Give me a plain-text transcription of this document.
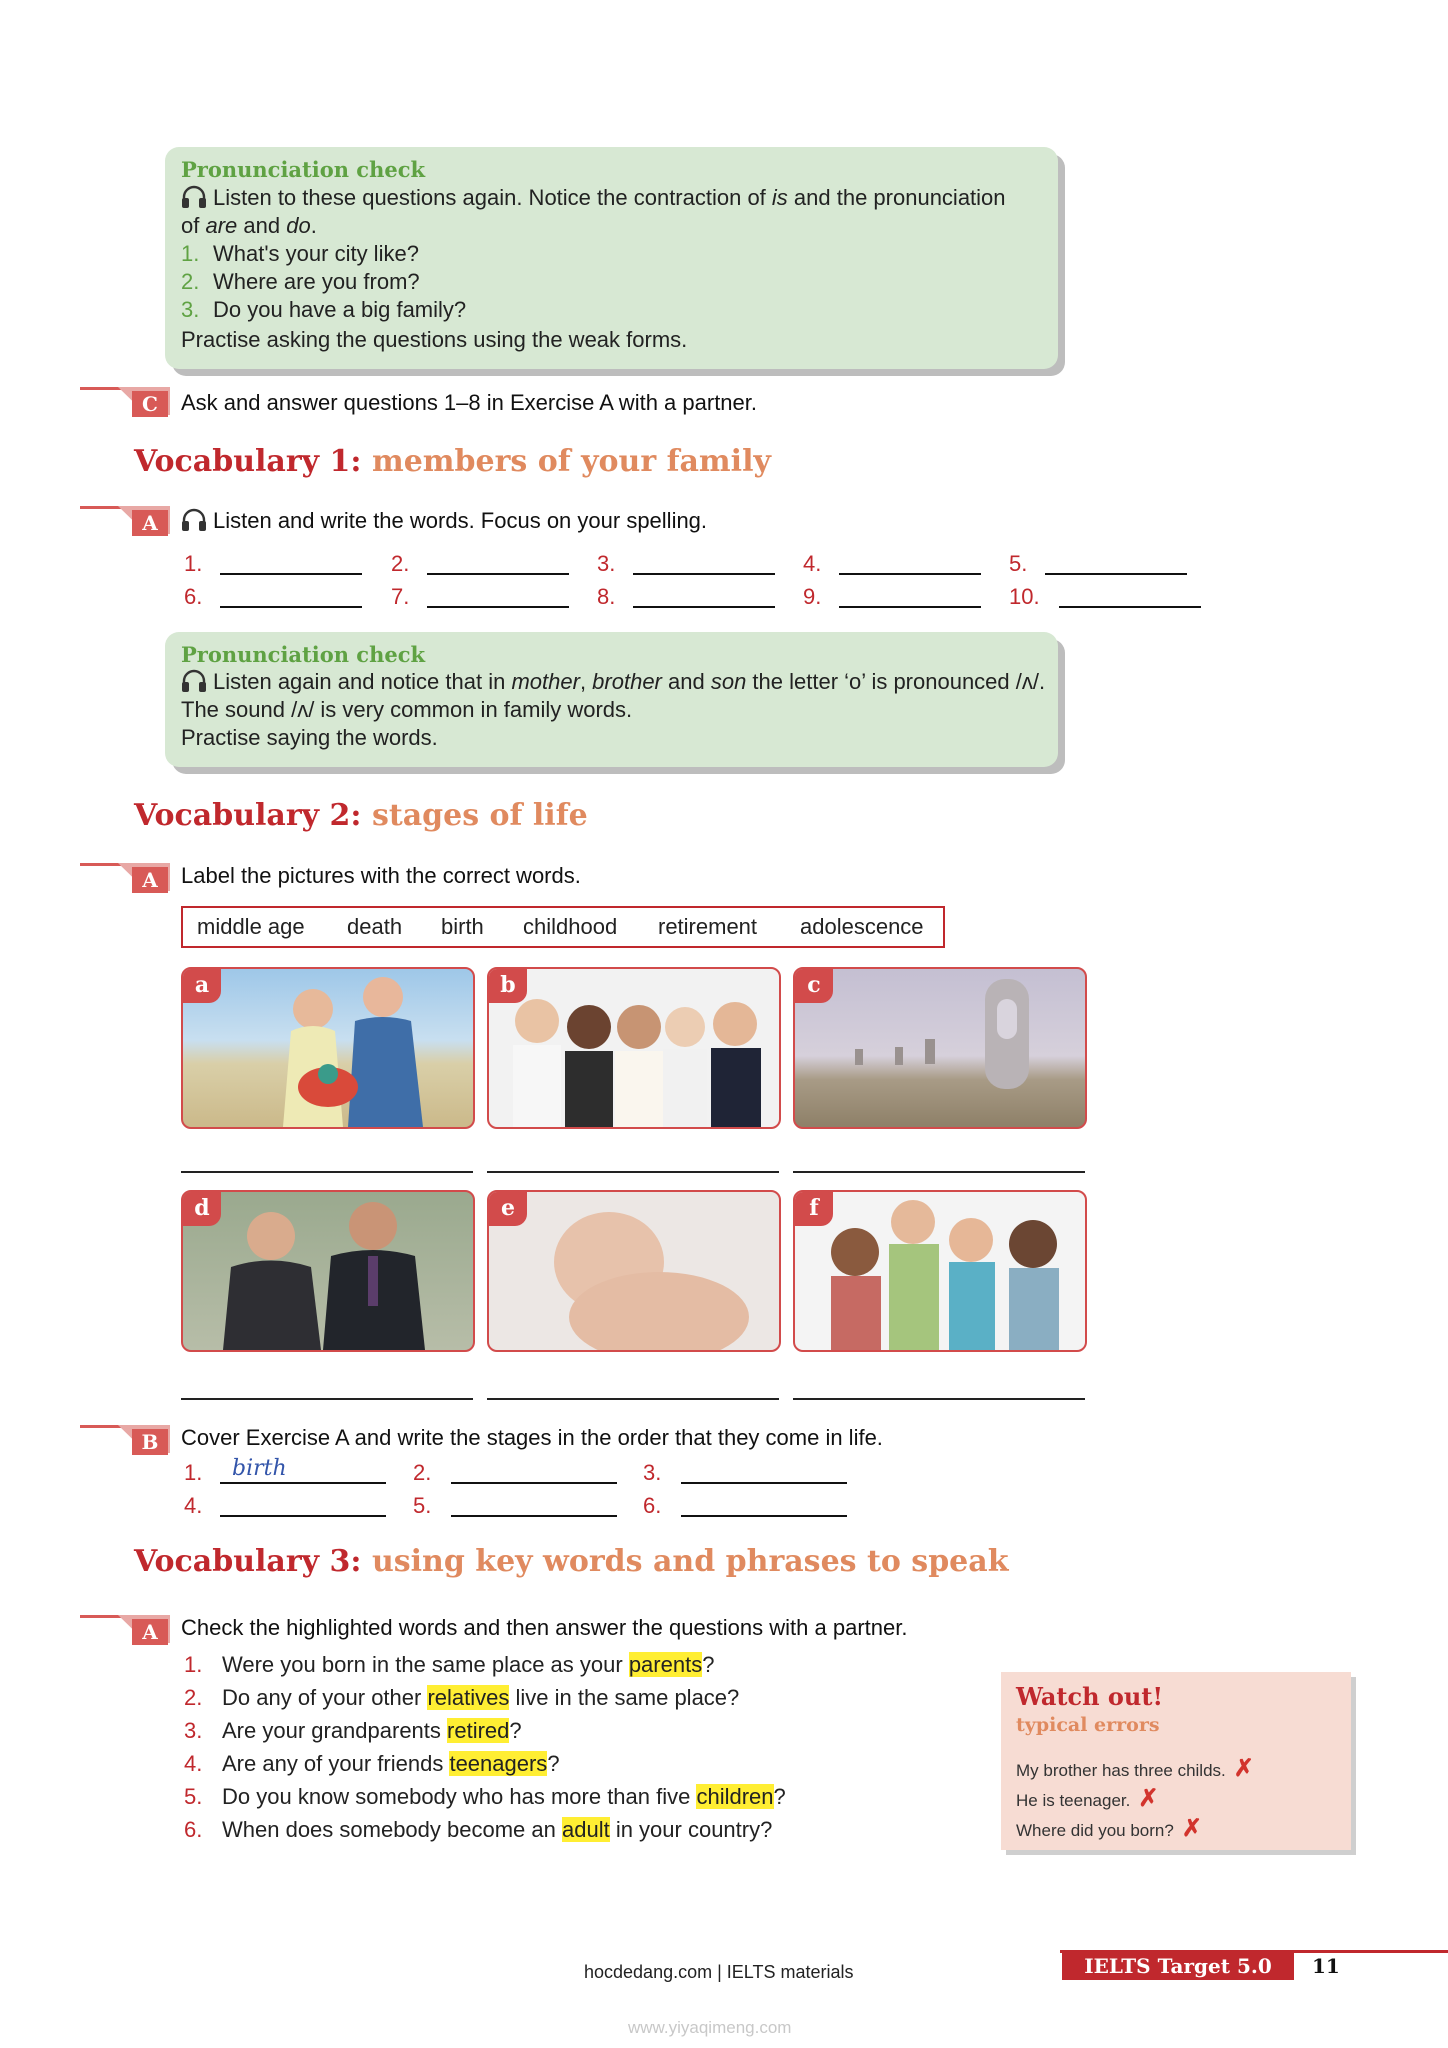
Pronunciation check
Listen to these questions again. Notice the contraction of is and the pronunciation
of are and do.
1. What's your city like?
2. Where are you from?
3. Do you have a big family?
Practise asking the questions using the weak forms.
C	Ask and answer questions 1–8 in Exercise A with a partner.
Vocabulary 1: members of your family
A	Listen and write the words. Focus on your spelling.
1.	2.	3.	4.	5.
6.	7.	8.	9.	10.
Pronunciation check
Listen again and notice that in mother, brother and son the letter ‘o’ is pronounced /ʌ/.
The sound /ʌ/ is very common in family words.
Practise saying the words.
Vocabulary 2: stages of life
A	Label the pictures with the correct words.
middle age death birth childhood retirement adolescence
a	b	c
d	e	f
B	Cover Exercise A and write the stages in the order that they come in life.
1. birth	2.	3.
4.	5.	6.
Vocabulary 3: using key words and phrases to speak
A	Check the highlighted words and then answer the questions with a partner.
1. Were you born in the same place as your parents?
2. Do any of your other relatives live in the same place?
3. Are your grandparents retired?
4. Are any of your friends teenagers?
5. Do you know somebody who has more than five children?
6. When does somebody become an adult in your country?
Watch out!
typical errors
My brother has three childs. ✗
He is teenager. ✗
Where did you born? ✗
hocdedang.com | IELTS materials	IELTS Target 5.0	11
www.yiyaqimeng.com
